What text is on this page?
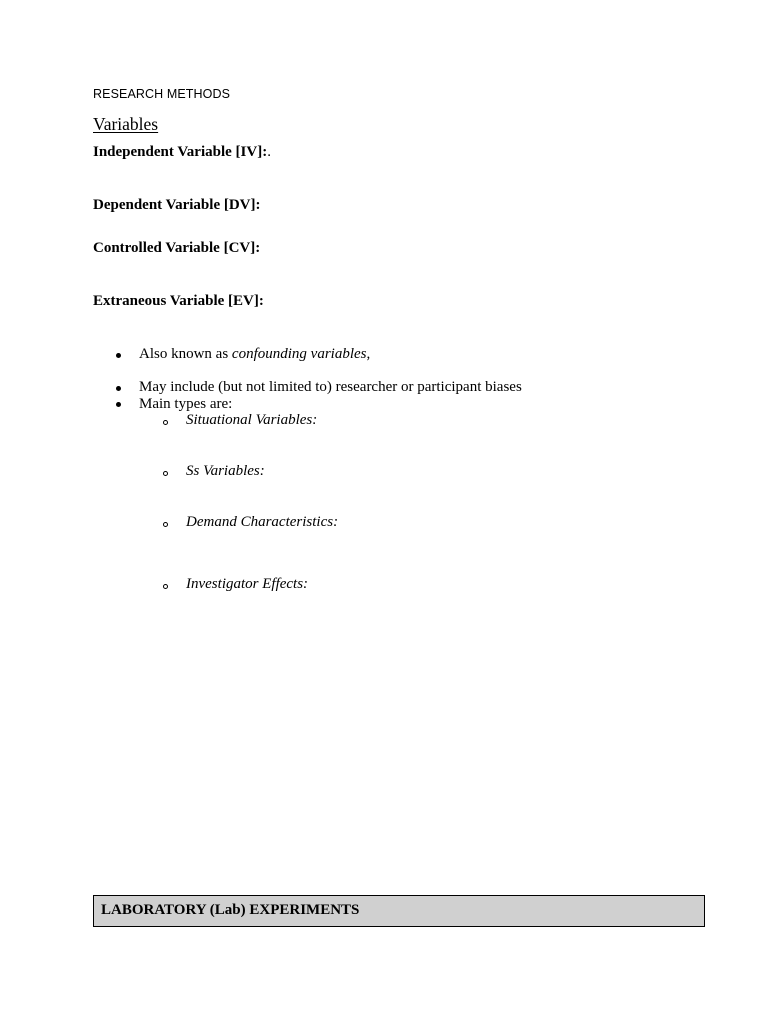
RESEARCH METHODS

Variables

Independent Variable [IV]:.

Dependent Variable [DV]:

Controlled Variable [CV]:

Extraneous Variable [EV]:

Also known as confounding variables,

May include (but not limited to) researcher or participant biases

Main types are:

Situational Variables:

Ss Variables:

Demand Characteristics:

Investigator Effects:

LABORATORY (Lab) EXPERIMENTS
